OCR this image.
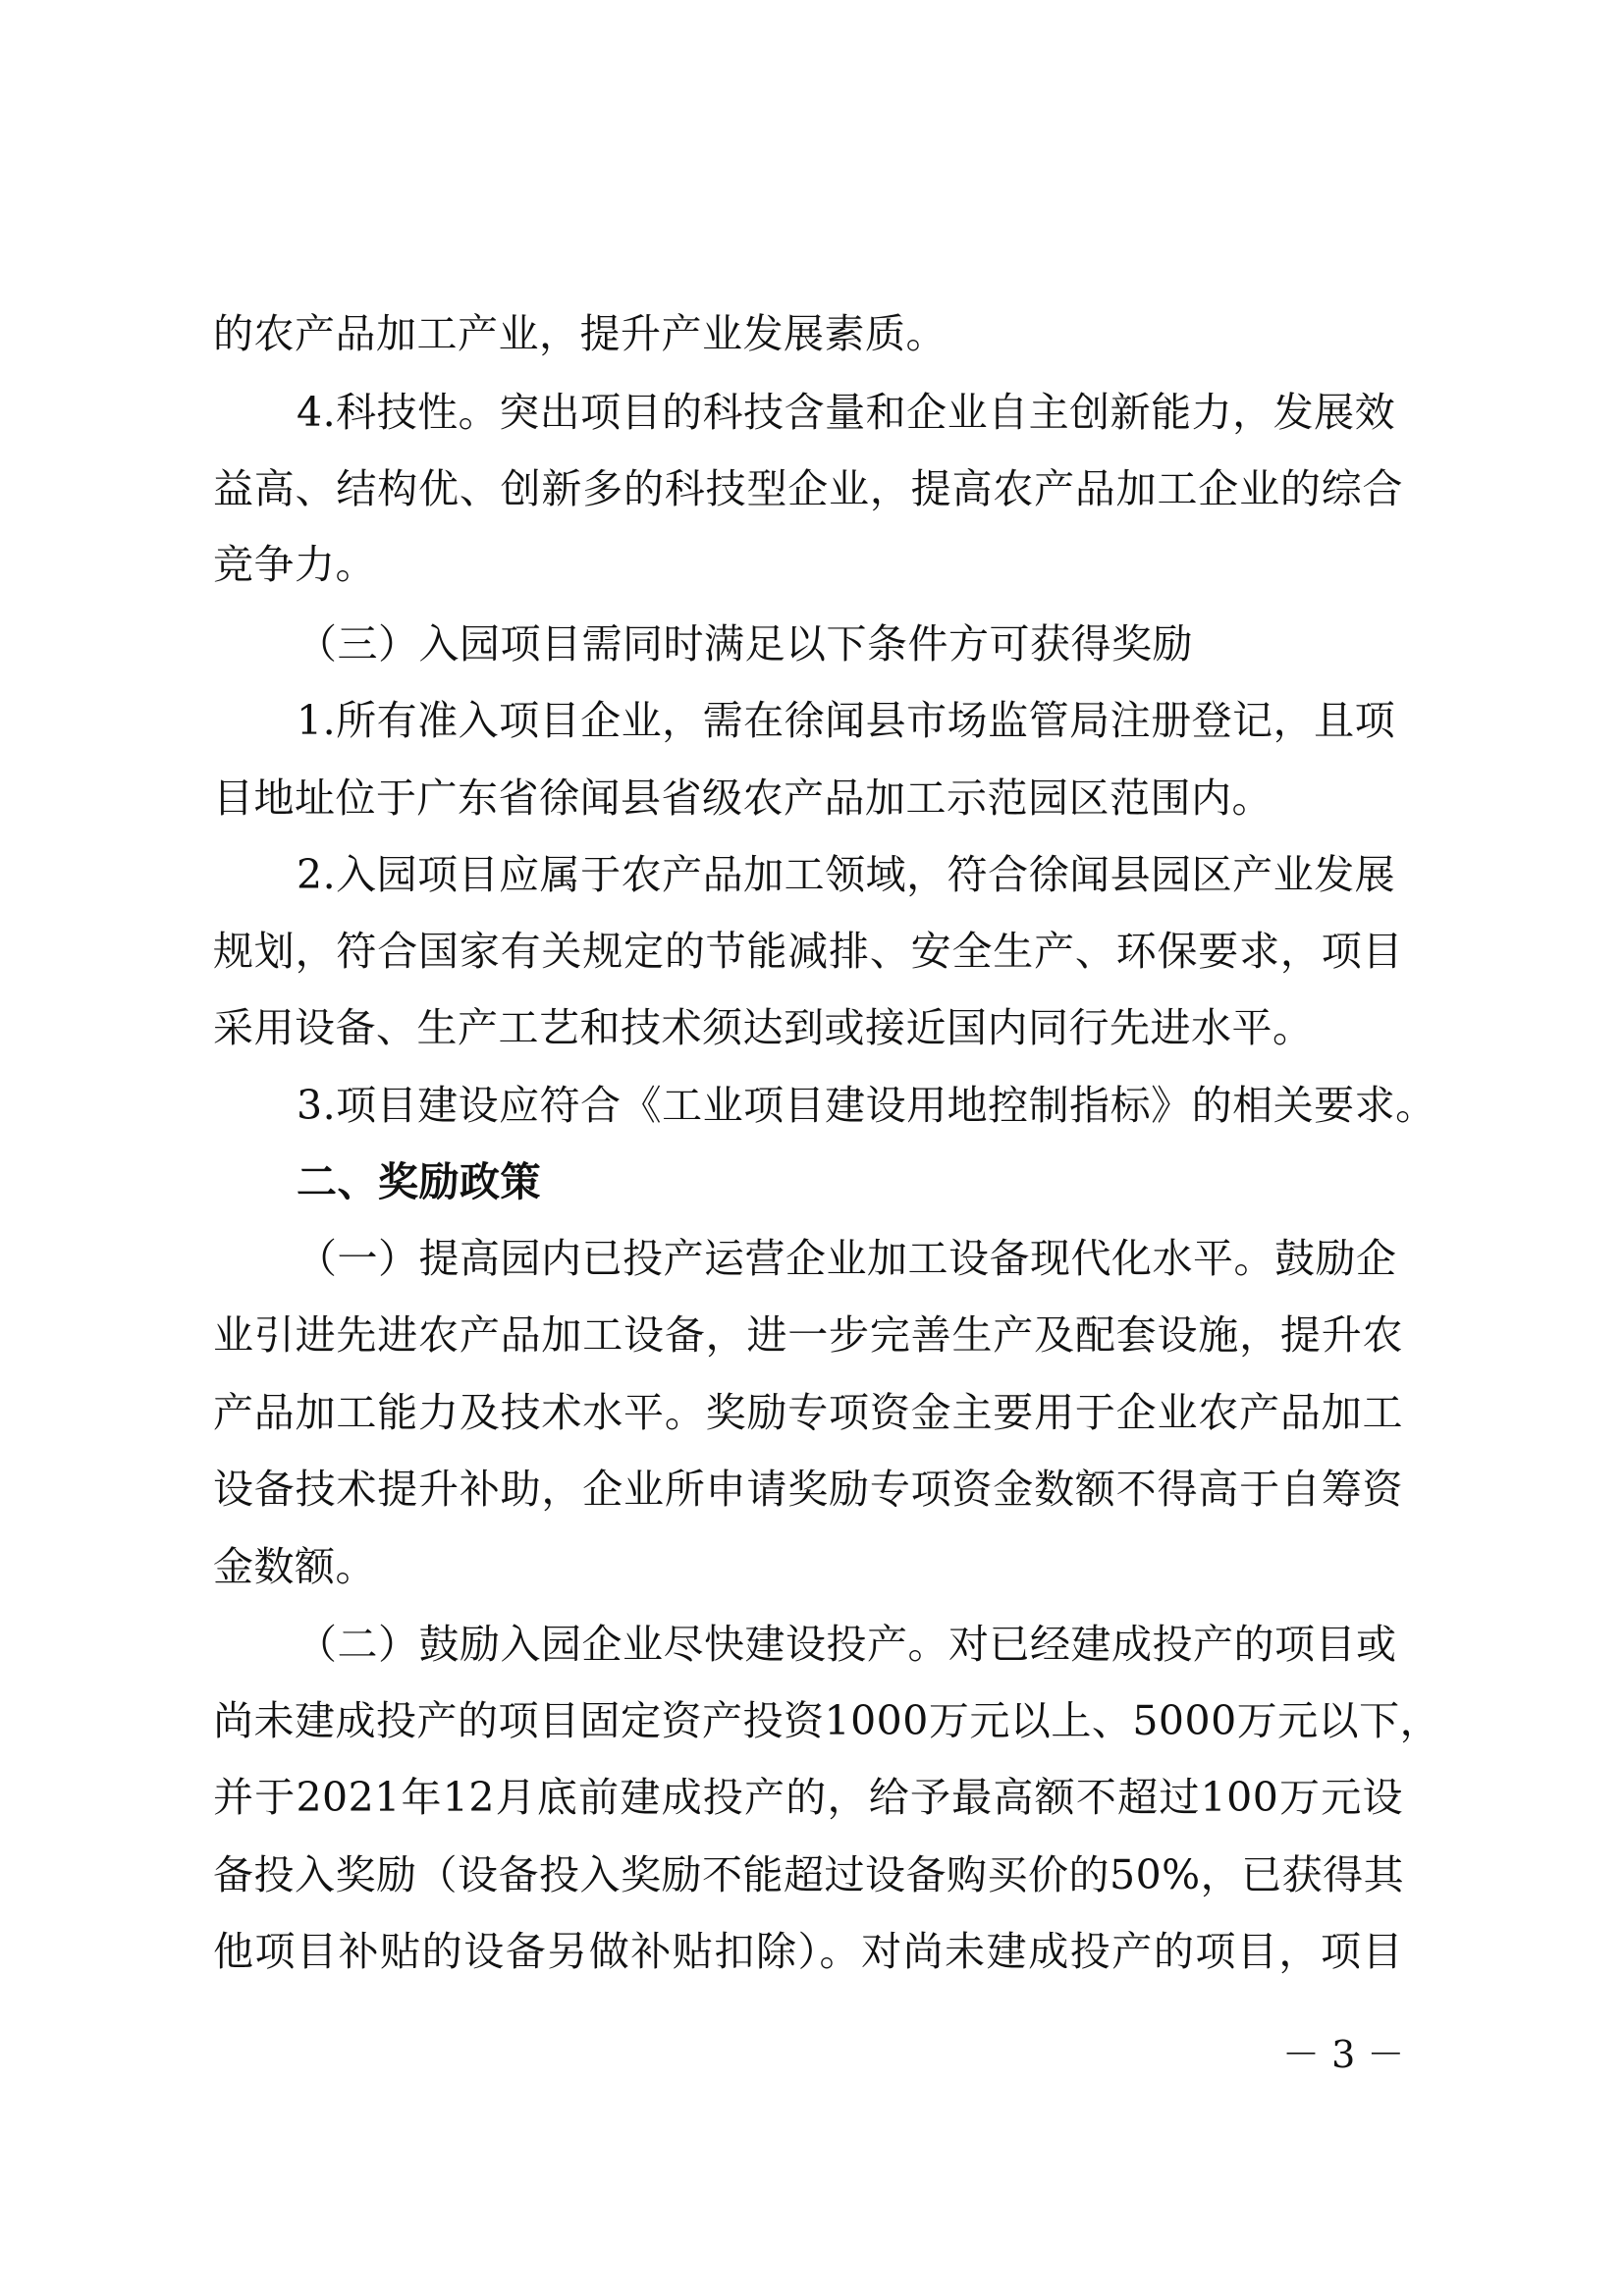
的农产品加工产业，提升产业发展素质。
4.科技性。突出项目的科技含量和企业自主创新能力，发展效
益高、结构优、创新多的科技型企业，提高农产品加工企业的综合
竞争力。
（三）入园项目需同时满足以下条件方可获得奖励
1.所有准入项目企业，需在徐闻县市场监管局注册登记，且项
目地址位于广东省徐闻县省级农产品加工示范园区范围内。
2.入园项目应属于农产品加工领域，符合徐闻县园区产业发展
规划，符合国家有关规定的节能减排、安全生产、环保要求，项目
采用设备、生产工艺和技术须达到或接近国内同行先进水平。
3.项目建设应符合《工业项目建设用地控制指标》的相关要求。
二、奖励政策
（一）提高园内已投产运营企业加工设备现代化水平。鼓励企
业引进先进农产品加工设备，进一步完善生产及配套设施，提升农
产品加工能力及技术水平。奖励专项资金主要用于企业农产品加工
设备技术提升补助，企业所申请奖励专项资金数额不得高于自筹资
金数额。
（二）鼓励入园企业尽快建设投产。对已经建成投产的项目或
尚未建成投产的项目固定资产投资1000万元以上、5000万元以下，
并于2021年12月底前建成投产的，给予最高额不超过100万元设
备投入奖励（设备投入奖励不能超过设备购买价的50%，已获得其
他项目补贴的设备另做补贴扣除）。对尚未建成投产的项目，项目
－ 3 －
